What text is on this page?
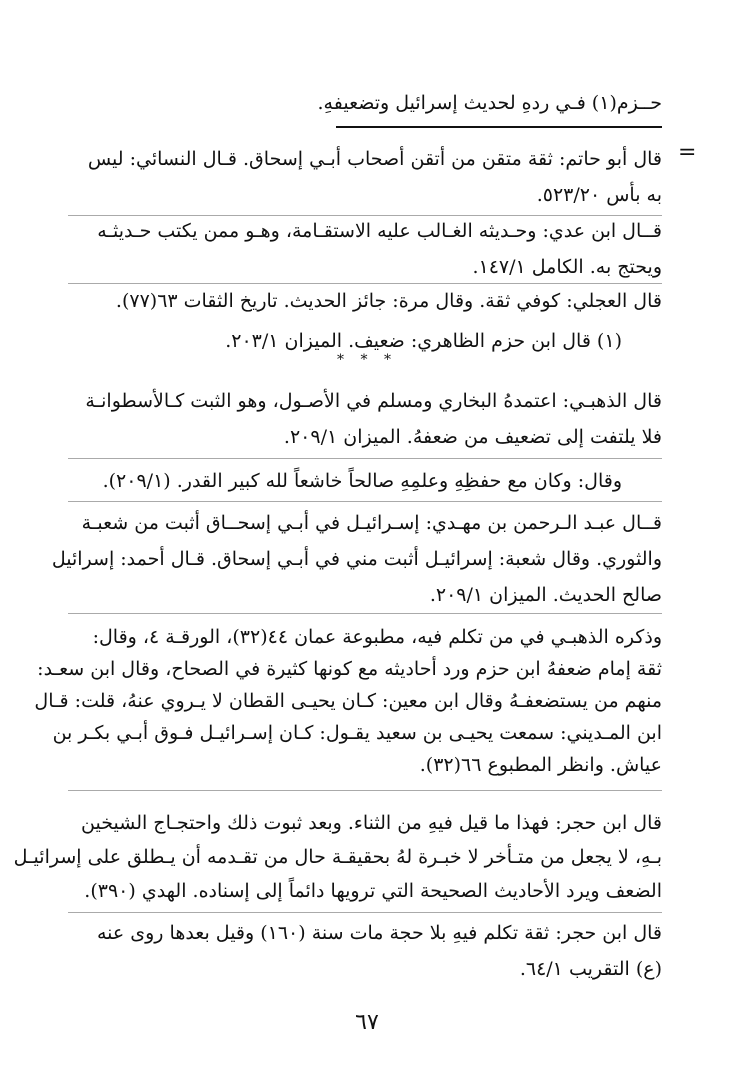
حــزم(١) فـي ردهِ لحديث إسرائيل وتضعيفهِ.

=

قال أبو حاتم: ثقة متقن من أتقن أصحاب أبـي إسحاق. قـال النسائي: ليس

به بأس ٥٢٣/٢٠.

قــال ابن عدي: وحـديثه الغـالب عليه الاستقـامة، وهـو ممن يكتب حـديثـه

ويحتج به. الكامل ١٤٧/١.

قال العجلي: كوفي ثقة. وقال مرة: جائز الحديث. تاريخ الثقات ٦٣(٧٧).

(١) قال ابن حزم الظاهري: ضعيف. الميزان ٢٠٣/١.

* * *

قال الذهبـي: اعتمدهُ البخاري ومسلم في الأصـول، وهو الثبت كـالأسطوانـة

فلا يلتفت إلى تضعيف من ضعفهُ. الميزان ٢٠٩/١.

وقال: وكان مع حفظِهِ وعلمِهِ صالحاً خاشعاً لله كبير القدر. (٢٠٩/١).

قــال عبـد الـرحمن بن مهـدي: إسـرائيـل في أبـي إسحــاق أثبت من شعبـة

والثوري. وقال شعبة: إسرائيـل أثبت مني في أبـي إسحاق. قـال أحمد: إسرائيل

صالح الحديث. الميزان ٢٠٩/١.

وذكره الذهبـي في من تكلم فيه، مطبوعة عمان ٤٤(٣٢)، الورقـة ٤، وقال:

ثقة إمام ضعفهُ ابن حزم ورد أحاديثه مع كونها كثيرة في الصحاح، وقال ابن سعـد:

منهم من يستضعفـهُ وقال ابن معين: كـان يحيـى القطان لا يـروي عنهُ، قلت: قـال

ابن المـديني: سمعت يحيـى بن سعيد يقـول: كـان إسـرائيـل فـوق أبـي بكـر بن

عياش. وانظر المطبوع ٦٦(٣٢).

قال ابن حجر: فهذا ما قيل فيهِ من الثناء. وبعد ثبوت ذلك واحتجـاج الشيخين

بـهِ، لا يجعل من متـأخر لا خبـرة لهُ بحقيقـة حال من تقـدمه أن يـطلق على إسرائيـل

الضعف ويرد الأحاديث الصحيحة التي ترويها دائماً إلى إسناده. الهدي (٣٩٠).

قال ابن حجر: ثقة تكلم فيهِ بلا حجة مات سنة (١٦٠) وقيل بعدها روى عنه

(ع) التقريب ٦٤/١.

٦٧
